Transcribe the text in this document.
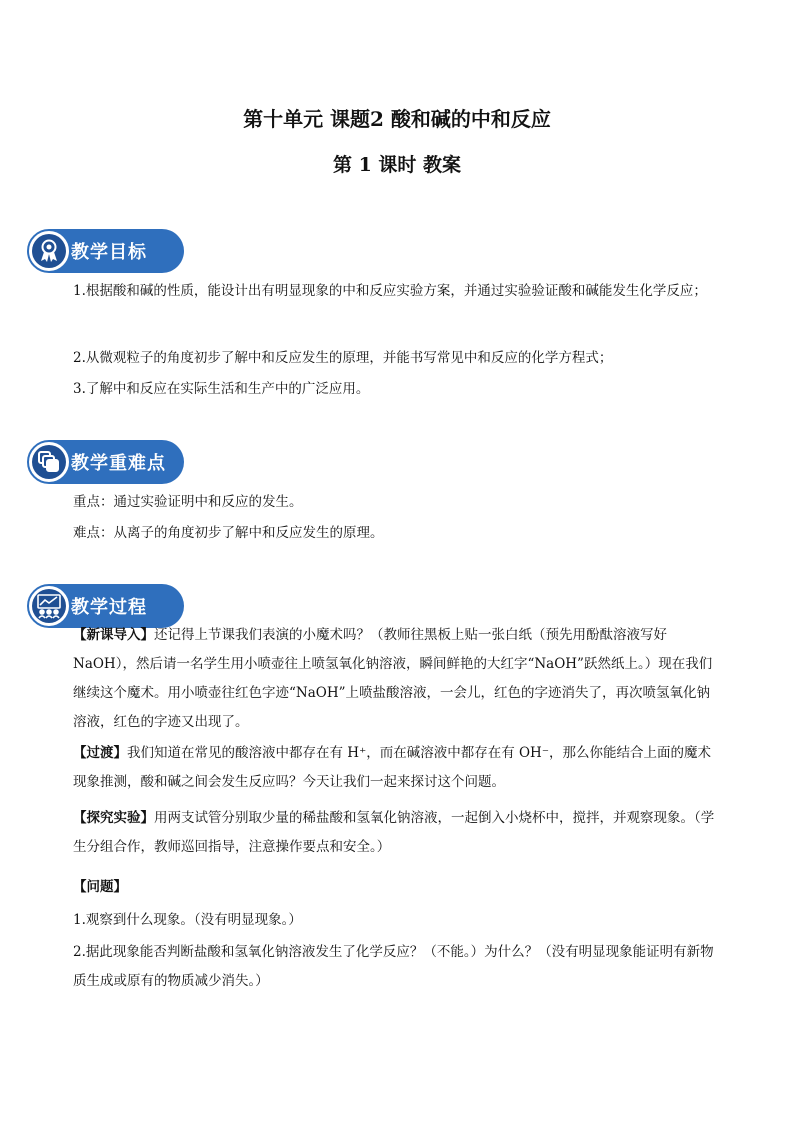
第十单元 课题2 酸和碱的中和反应
第 1 课时 教案
教学目标
1.根据酸和碱的性质，能设计出有明显现象的中和反应实验方案，并通过实验验证酸和碱能发生化学反应；
2.从微观粒子的角度初步了解中和反应发生的原理，并能书写常见中和反应的化学方程式；
3.了解中和反应在实际生活和生产中的广泛应用。
教学重难点
重点：通过实验证明中和反应的发生。
难点：从离子的角度初步了解中和反应发生的原理。
教学过程
【新课导入】还记得上节课我们表演的小魔术吗？（教师往黑板上贴一张白纸（预先用酚酞溶液写好NaOH），然后请一名学生用小喷壶往上喷氢氧化钠溶液，瞬间鲜艳的大红字“NaOH”跃然纸上。）现在我们继续这个魔术。用小喷壶往红色字迹“NaOH”上喷盐酸溶液，一会儿，红色的字迹消失了，再次喷氢氧化钠溶液，红色的字迹又出现了。
【过渡】我们知道在常见的酸溶液中都存在有 H⁺，而在碱溶液中都存在有 OH⁻，那么你能结合上面的魔术现象推测，酸和碱之间会发生反应吗？今天让我们一起来探讨这个问题。
【探究实验】用两支试管分别取少量的稀盐酸和氢氧化钠溶液，一起倒入小烧杯中，搅拌，并观察现象。（学生分组合作，教师巡回指导，注意操作要点和安全。）
【问题】
1.观察到什么现象。（没有明显现象。）
2.据此现象能否判断盐酸和氢氧化钠溶液发生了化学反应？（不能。）为什么？（没有明显现象能证明有新物质生成或原有的物质减少消失。）
